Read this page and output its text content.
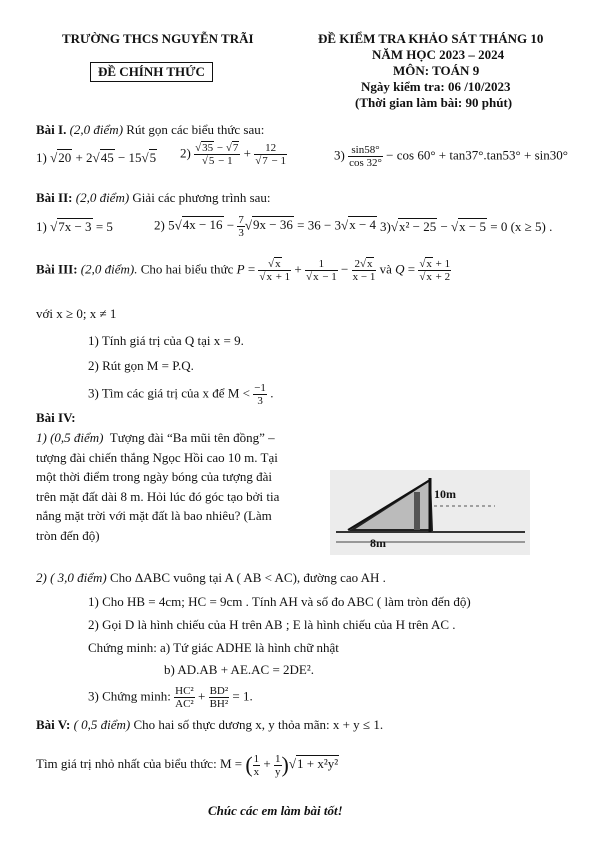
TRƯỜNG THCS NGUYỄN TRÃI
ĐỀ CHÍNH THỨC
ĐỀ KIỂM TRA KHẢO SÁT THÁNG 10
NĂM HỌC 2023 – 2024
MÔN: TOÁN 9
Ngày kiểm tra: 06 /10/2023
(Thời gian làm bài: 90 phút)
Bài I. (2,0 điểm) Rút gọn các biểu thức sau:
1) √20 + 2√45 − 15√5 $2) \frac{√35 - √7}{√5 - 1} + \frac{12}{√7 - 1}$	$3) \frac{\sin 58^\circ}{\cos 32^\circ} - \cos 60^\circ + \tan 37^\circ.\tan 53^\circ + \sin 30^\circ$
Bài II: (2,0 điểm) Giải các phương trình sau:
1) √7x − 3 = 5	2) $5√4x - 16 - \frac{7}{3} √9x - 36 = 36 - 3√x - 4$ 3)√x² − 25 − √x − 5 = 0 (x ≥ 5) .
Bài III: (2,0 điểm). Cho hai biểu thức $P = \frac{√x}{√x + 1} + \frac{1}{√x - 1} - \frac{2√x}{x - 1}$ và $Q = \frac{√x + 1}{√x + 2}$
với x ≥ 0; x ≠ 1
1) Tính giá trị của Q tại x = 9.
2) Rút gọn M = P.Q.
3) Tìm các giá trị của x để $M < \frac{-1}{3}$ .
Bài IV:
1) (0,5 điểm) Tượng đài “Ba mũi tên đồng” –
tượng đài chiến thắng Ngọc Hồi cao 10 m. Tại
một thời điểm trong ngày bóng của tượng đài
trên mặt đất dài 8 m. Hỏi lúc đó góc tạo bởi tia
nắng mặt trời với mặt đất là bao nhiêu? (Làm
tròn đến độ)
10m
8m
2) ( 3,0 điểm) Cho ΔABC vuông tại A ( AB < AC), đường cao AH .
1) Cho HB = 4cm; HC = 9cm . Tính AH và số đo ABC ( làm tròn đến độ)
2) Gọi D là hình chiếu của H trên AB ; E là hình chiếu của H trên AC .
Chứng minh: a) Tứ giác ADHE là hình chữ nhật
b) AD.AB + AE.AC = 2DE².
3) Chứng minh: $\frac{\text{HC²}}{\text{AC²}} + \frac{\text{BD²}}{\text{BH²}} = 1$.
Bài V: ( 0,5 điểm) Cho hai số thực dương x, y thỏa mãn: x + y ≤ 1.
Tìm giá trị nhỏ nhất của biểu thức: M = ( $\frac{1}{x} + \frac{1}{y} )√1 + x^2y^2$
Chúc các em làm bài tốt!
